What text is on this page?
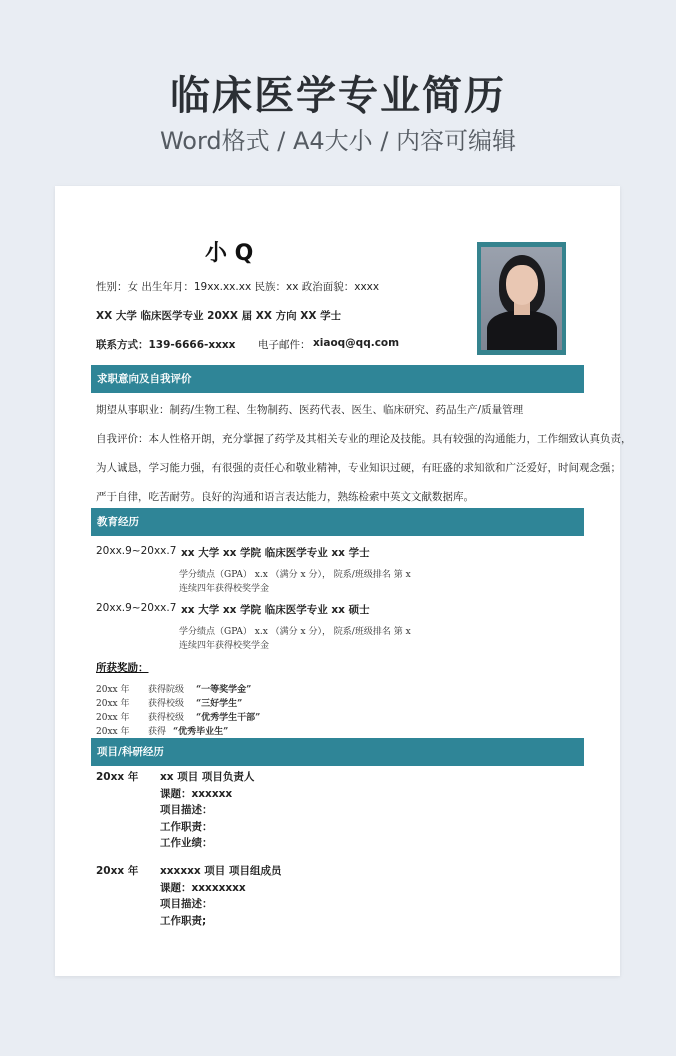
临床医学专业简历
Word格式 / A4大小 / 内容可编辑
小 Q
性别：女 出生年月：19xx.xx.xx 民族：xx 政治面貌：xxxx
XX 大学 临床医学专业 20XX 届 XX 方向 XX 学士
联系方式：139-6666-xxxx 电子邮件： xiaoq@qq.com
求职意向及自我评价
期望从事职业：制药/生物工程、生物制药、医药代表、医生、临床研究、药品生产/质量管理
自我评价：本人性格开朗，充分掌握了药学及其相关专业的理论及技能。具有较强的沟通能力，工作细致认真负责，
为人诚恳，学习能力强，有很强的责任心和敬业精神，专业知识过硬，有旺盛的求知欲和广泛爱好，时间观念强；
严于自律，吃苦耐劳。良好的沟通和语言表达能力，熟练检索中英文文献数据库。
教育经历
20xx.9~20xx.7 xx 大学 xx 学院 临床医学专业 xx 学士
学分绩点（GPA） x.x （满分 x 分）， 院系/班级排名 第 x
连续四年获得校奖学金
20xx.9~20xx.7 xx 大学 xx 学院 临床医学专业 xx 硕士
学分绩点（GPA） x.x （满分 x 分）， 院系/班级排名 第 x
连续四年获得校奖学金
所获奖励：
20xx 年 获得院级 “一等奖学金”
20xx 年 获得校级 “三好学生”
20xx 年 获得校级 “优秀学生干部”
20xx 年 获得 “优秀毕业生”
项目/科研经历
20xx 年 xx 项目 项目负责人
课题：xxxxxx
项目描述：
工作职责：
工作业绩：
20xx 年 xxxxxx 项目 项目组成员
课题：xxxxxxxx
项目描述：
工作职责;
